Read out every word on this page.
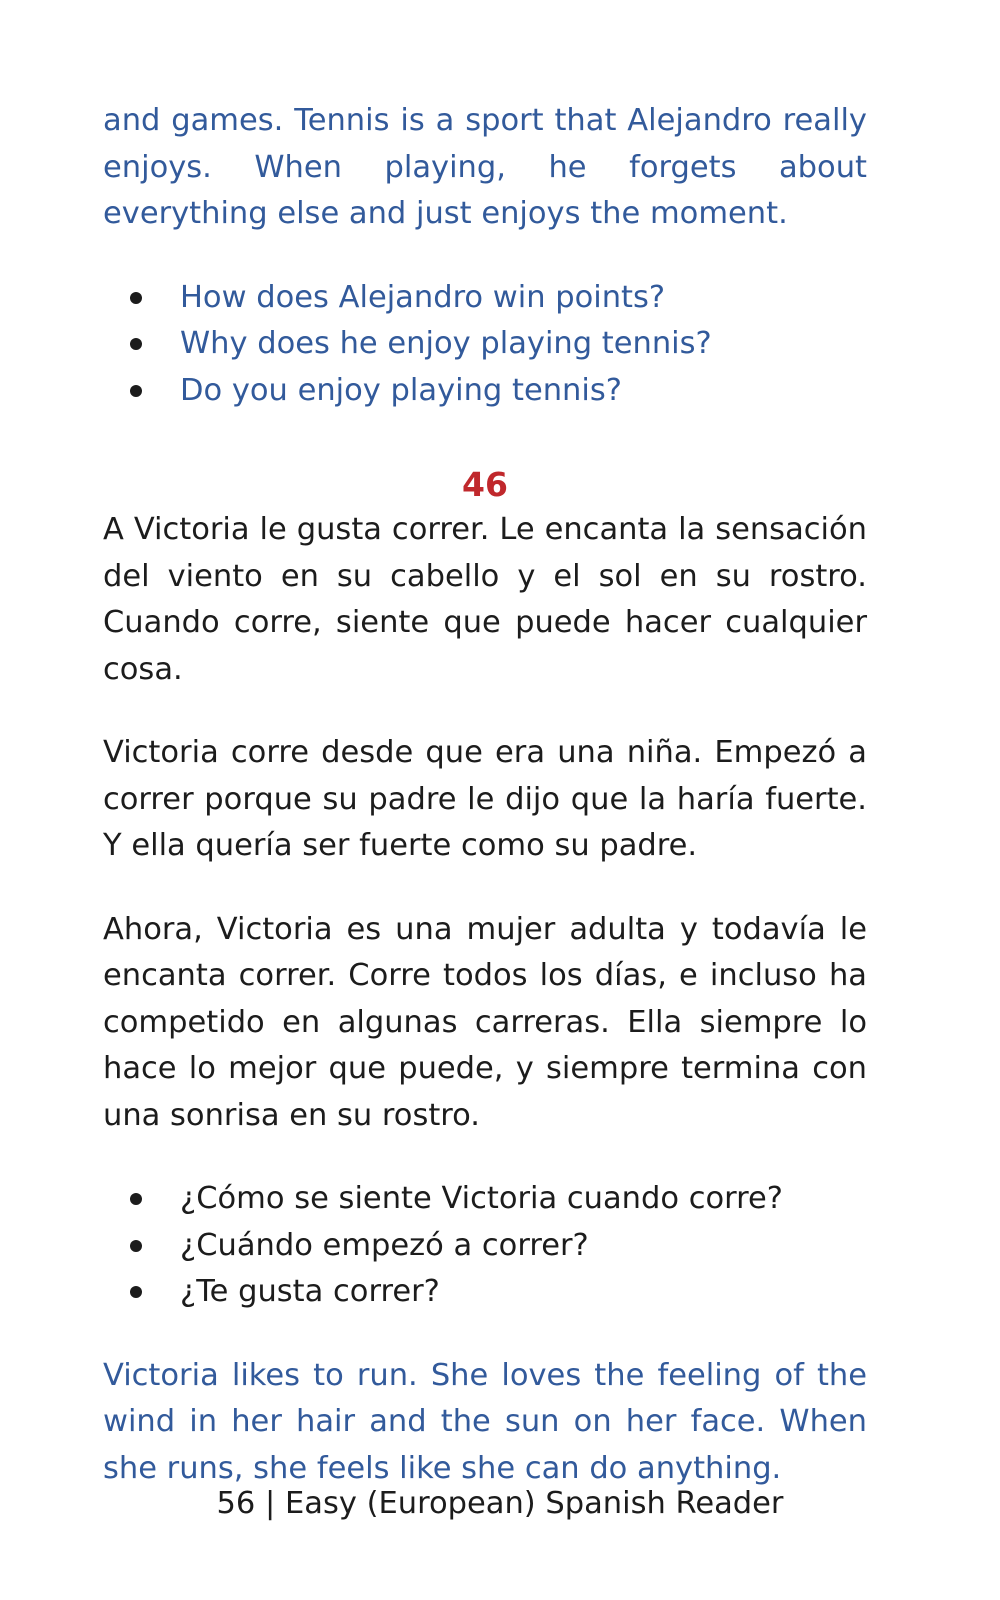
and games. Tennis is a sport that Alejandro really enjoys. When playing, he forgets about everything else and just enjoys the moment.

How does Alejandro win points?
Why does he enjoy playing tennis?
Do you enjoy playing tennis?
46

A Victoria le gusta correr. Le encanta la sensación del viento en su cabello y el sol en su rostro. Cuando corre, siente que puede hacer cualquier cosa.

Victoria corre desde que era una niña. Empezó a correr porque su padre le dijo que la haría fuerte. Y ella quería ser fuerte como su padre.

Ahora, Victoria es una mujer adulta y todavía le encanta correr. Corre todos los días, e incluso ha competido en algunas carreras. Ella siempre lo hace lo mejor que puede, y siempre termina con una sonrisa en su rostro.

¿Cómo se siente Victoria cuando corre?
¿Cuándo empezó a correr?
¿Te gusta correr?

Victoria likes to run. She loves the feeling of the wind in her hair and the sun on her face. When she runs, she feels like she can do anything.

56 | Easy (European) Spanish Reader
